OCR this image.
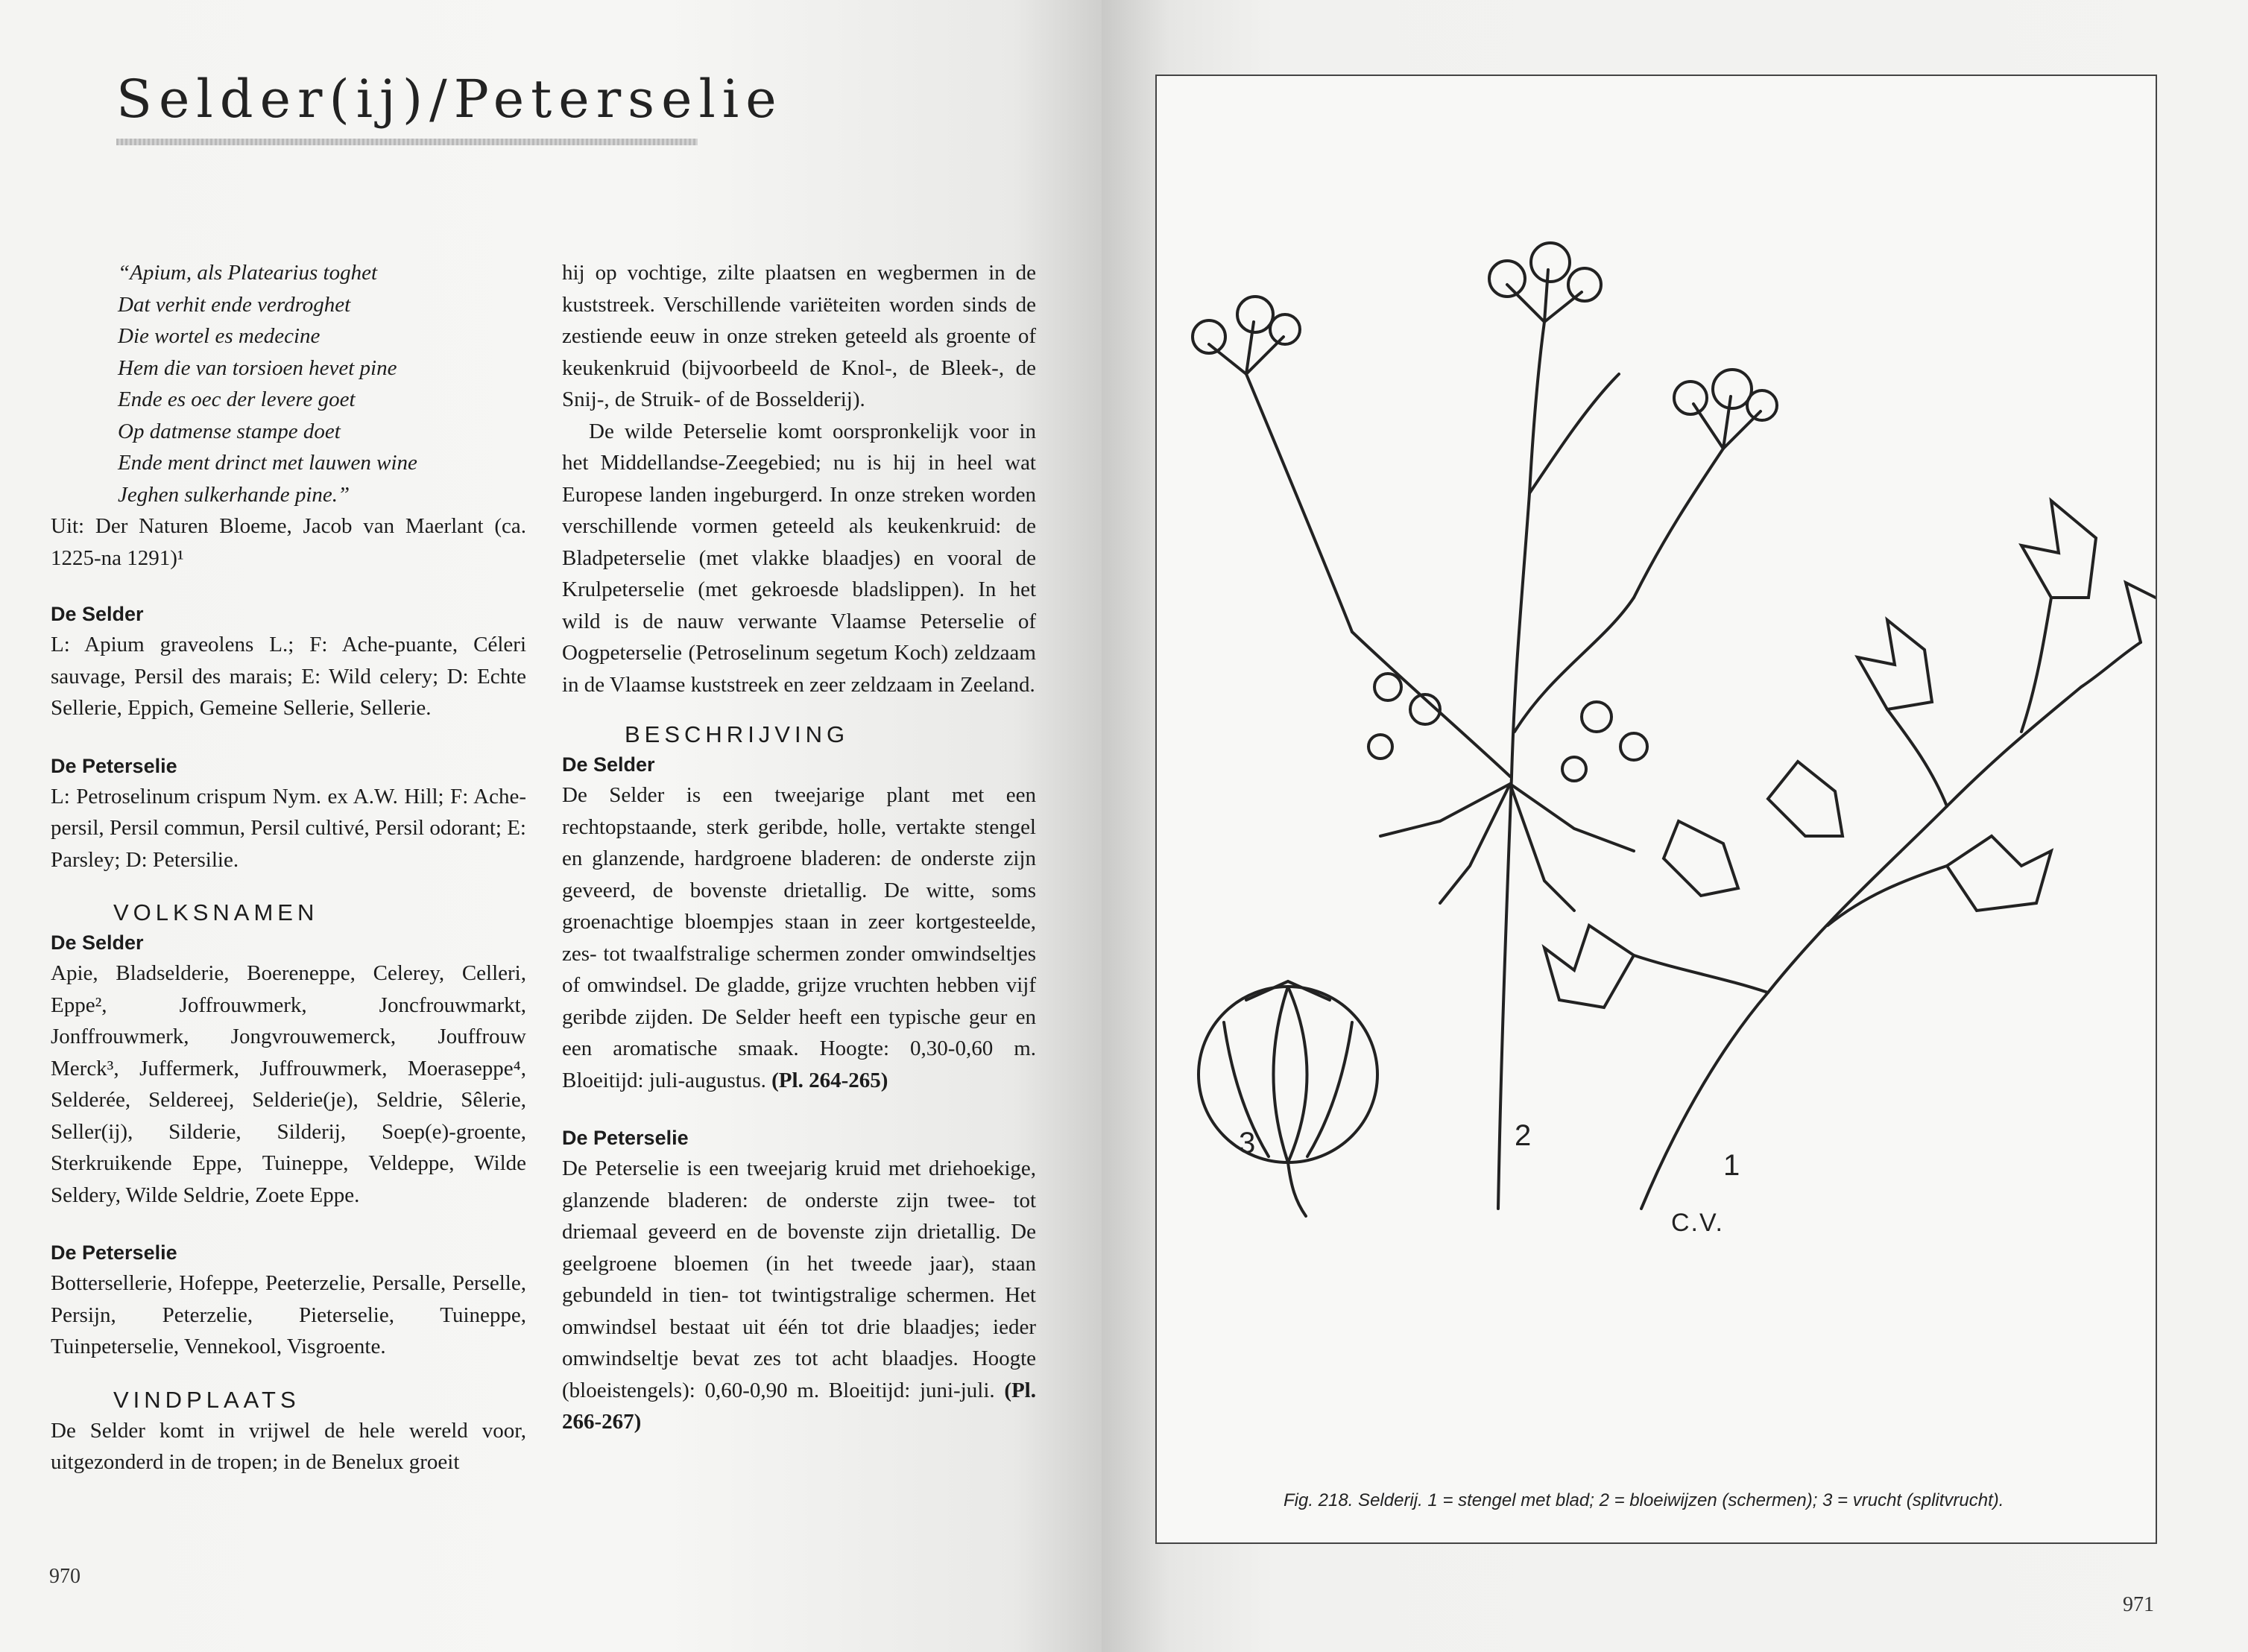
Selder(ij)/Peterselie
“Apium, als Platearius toghet
Dat verhit ende verdroghet
Die wortel es medecine
Hem die van torsioen hevet pine
Ende es oec der levere goet
Op datmense stampe doet
Ende ment drinct met lauwen wine
Jeghen sulkerhande pine.”

Uit: Der Naturen Bloeme, Jacob van Maerlant (ca. 1225-na 1291)¹

De Selder

L: Apium graveolens L.; F: Ache-puante, Céleri sauvage, Persil des marais; E: Wild celery; D: Echte Sellerie, Eppich, Gemeine Sellerie, Sellerie.

De Peterselie

L: Petroselinum crispum Nym. ex A.W. Hill; F: Ache-persil, Persil commun, Persil cultivé, Persil odorant; E: Parsley; D: Petersilie.

VOLKSNAMEN
De Selder

Apie, Bladselderie, Boereneppe, Celerey, Celleri, Eppe², Joffrouwmerk, Joncfrouwmarkt, Jonffrouwmerk, Jongvrouwemerck, Jouffrouw Merck³, Juffermerk, Juffrouwmerk, Moeraseppe⁴, Selderée, Seldereej, Selderie(je), Seldrie, Sêlerie, Seller(ij), Silderie, Silderij, Soep(e)-groente, Sterkruikende Eppe, Tuineppe, Veldeppe, Wilde Seldery, Wilde Seldrie, Zoete Eppe.

De Peterselie

Bottersellerie, Hofeppe, Peeterzelie, Persalle, Perselle, Persijn, Peterzelie, Pieterselie, Tuineppe, Tuinpeterselie, Vennekool, Visgroente.

VINDPLAATS

De Selder komt in vrijwel de hele wereld voor, uitgezonderd in de tropen; in de Benelux groeit

hij op vochtige, zilte plaatsen en wegbermen in de kuststreek. Verschillende variëteiten worden sinds de zestiende eeuw in onze streken geteeld als groente of keukenkruid (bijvoorbeeld de Knol-, de Bleek-, de Snij-, de Struik- of de Bosselderij).

De wilde Peterselie komt oorspronkelijk voor in het Middellandse-Zeegebied; nu is hij in heel wat Europese landen ingeburgerd. In onze streken worden verschillende vormen geteeld als keukenkruid: de Bladpeterselie (met vlakke blaadjes) en vooral de Krulpeterselie (met gekroesde bladslippen). In het wild is de nauw verwante Vlaamse Peterselie of Oogpeterselie (Petroselinum segetum Koch) zeldzaam in de Vlaamse kuststreek en zeer zeldzaam in Zeeland.

BESCHRIJVING
De Selder

De Selder is een tweejarige plant met een rechtopstaande, sterk geribde, holle, vertakte stengel en glanzende, hardgroene bladeren: de onderste zijn geveerd, de bovenste drietallig. De witte, soms groenachtige bloempjes staan in zeer kortgesteelde, zes- tot twaalfstralige schermen zonder omwindseltjes of omwindsel. De gladde, grijze vruchten hebben vijf geribde zijden. De Selder heeft een typische geur en een aromatische smaak. Hoogte: 0,30-0,60 m. Bloeitijd: juli-augustus. (Pl. 264-265)

De Peterselie

De Peterselie is een tweejarig kruid met driehoekige, glanzende bladeren: de onderste zijn twee- tot driemaal geveerd en de bovenste zijn drietallig. De geelgroene bloemen (in het tweede jaar), staan gebundeld in tien- tot twintigstralige schermen. Het omwindsel bestaat uit één tot drie blaadjes; ieder omwindseltje bevat zes tot acht blaadjes. Hoogte (bloeistengels): 0,60-0,90 m. Bloeitijd: juni-juli. (Pl. 266-267)

970
3	2
1
C.V.
Fig. 218. Selderij. 1 = stengel met blad; 2 = bloeiwijzen (schermen); 3 = vrucht (splitvrucht).
971
